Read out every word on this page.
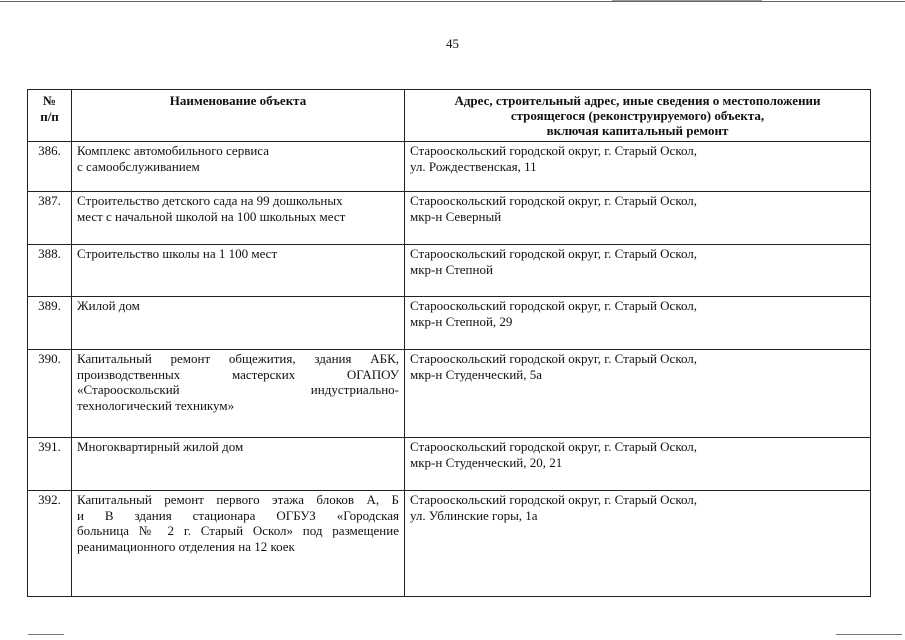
45
№
п/п	Наименование объекта	Адрес, строительный адрес, иные сведения о местоположении
строящегося (реконструируемого) объекта,
включая капитальный ремонт

386.	Комплекс автомобильного сервиса
с самообслуживанием	Старооскольский городской округ, г. Старый Оскол,
ул. Рождественская, 11

387.	Строительство детского сада на 99 дошкольных
мест с начальной школой на 100 школьных мест	Старооскольский городской округ, г. Старый Оскол,
мкр-н Северный

388.	Строительство школы на 1 100 мест	Старооскольский городской округ, г. Старый Оскол,
мкр-н Степной

389.	Жилой дом	Старооскольский городской округ, г. Старый Оскол,
мкр-н Степной, 29

390.	Капитальный ремонт общежития, здания АБК,
производственных мастерских ОГАПОУ
«Старооскольский индустриально-
технологический техникум»	Старооскольский городской округ, г. Старый Оскол,
мкр-н Студенческий, 5а

391.	Многоквартирный жилой дом	Старооскольский городской округ, г. Старый Оскол,
мкр-н Студенческий, 20, 21

392.	Капитальный ремонт первого этажа блоков А, Б
и В здания стационара ОГБУЗ «Городская
больница № 2 г. Старый Оскол» под размещение
реанимационного отделения на 12 коек	Старооскольский городской округ, г. Старый Оскол,
ул. Ублинские горы, 1а
